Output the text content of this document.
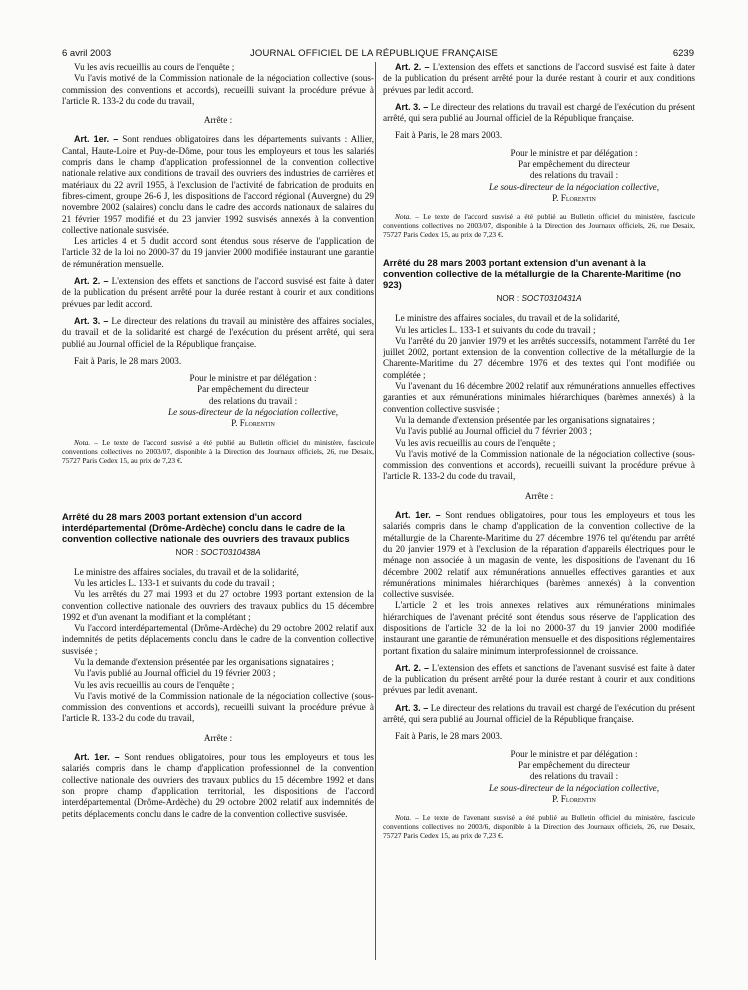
6 avril 2003	JOURNAL OFFICIEL DE LA RÉPUBLIQUE FRANÇAISE	6239

Vu les avis recueillis au cours de l'enquête ;

Vu l'avis motivé de la Commission nationale de la négociation collective (sous-commission des conventions et accords), recueilli suivant la procédure prévue à l'article R. 133-2 du code du travail,

Arrête :

Art. 1er. – Sont rendues obligatoires dans les départements suivants : Allier, Cantal, Haute-Loire et Puy-de-Dôme, pour tous les employeurs et tous les salariés compris dans le champ d'application professionnel de la convention collective nationale relative aux conditions de travail des ouvriers des industries de carrières et matériaux du 22 avril 1955, à l'exclusion de l'activité de fabrication de produits en fibres-ciment, groupe 26-6 J, les dispositions de l'accord régional (Auvergne) du 29 novembre 2002 (salaires) conclu dans le cadre des accords nationaux de salaires du 21 février 1957 modifié et du 23 janvier 1992 susvisés annexés à la convention collective nationale susvisée.

Les articles 4 et 5 dudit accord sont étendus sous réserve de l'application de l'article 32 de la loi no 2000-37 du 19 janvier 2000 modifiée instaurant une garantie de rémunération mensuelle.

Art. 2. – L'extension des effets et sanctions de l'accord susvisé est faite à dater de la publication du présent arrêté pour la durée restant à courir et aux conditions prévues par ledit accord.

Art. 3. – Le directeur des relations du travail au ministère des affaires sociales, du travail et de la solidarité est chargé de l'exécution du présent arrêté, qui sera publié au Journal officiel de la République française.

Fait à Paris, le 28 mars 2003.

Pour le ministre et par délégation :

Par empêchement du directeur

des relations du travail :

Le sous-directeur de la négociation collective,

P. Florentin

Nota. – Le texte de l'accord susvisé a été publié au Bulletin officiel du ministère, fascicule conventions collectives no 2003/07, disponible à la Direction des Journaux officiels, 26, rue Desaix, 75727 Paris Cedex 15, au prix de 7,23 €.

Arrêté du 28 mars 2003 portant extension d'un accord interdépartemental (Drôme-Ardèche) conclu dans le cadre de la convention collective nationale des ouvriers des travaux publics
NOR : SOCT0310438A

Le ministre des affaires sociales, du travail et de la solidarité,

Vu les articles L. 133-1 et suivants du code du travail ;

Vu les arrêtés du 27 mai 1993 et du 27 octobre 1993 portant extension de la convention collective nationale des ouvriers des travaux publics du 15 décembre 1992 et d'un avenant la modifiant et la complétant ;

Vu l'accord interdépartemental (Drôme-Ardèche) du 29 octobre 2002 relatif aux indemnités de petits déplacements conclu dans le cadre de la convention collective susvisée ;

Vu la demande d'extension présentée par les organisations signataires ;

Vu l'avis publié au Journal officiel du 19 février 2003 ;

Vu les avis recueillis au cours de l'enquête ;

Vu l'avis motivé de la Commission nationale de la négociation collective (sous-commission des conventions et accords), recueilli suivant la procédure prévue à l'article R. 133-2 du code du travail,

Arrête :

Art. 1er. – Sont rendues obligatoires, pour tous les employeurs et tous les salariés compris dans le champ d'application professionnel de la convention collective nationale des ouvriers des travaux publics du 15 décembre 1992 et dans son propre champ d'application territorial, les dispositions de l'accord interdépartemental (Drôme-Ardèche) du 29 octobre 2002 relatif aux indemnités de petits déplacements conclu dans le cadre de la convention collective susvisée.

Art. 2. – L'extension des effets et sanctions de l'accord susvisé est faite à dater de la publication du présent arrêté pour la durée restant à courir et aux conditions prévues par ledit accord.

Art. 3. – Le directeur des relations du travail est chargé de l'exécution du présent arrêté, qui sera publié au Journal officiel de la République française.

Fait à Paris, le 28 mars 2003.

Pour le ministre et par délégation :

Par empêchement du directeur

des relations du travail :

Le sous-directeur de la négociation collective,

P. Florentin

Nota. – Le texte de l'accord susvisé a été publié au Bulletin officiel du ministère, fascicule conventions collectives no 2003/07, disponible à la Direction des Journaux officiels, 26, rue Desaix, 75727 Paris Cedex 15, au prix de 7,23 €.

Arrêté du 28 mars 2003 portant extension d'un avenant à la convention collective de la métallurgie de la Charente-Maritime (no 923)
NOR : SOCT0310431A

Le ministre des affaires sociales, du travail et de la solidarité,

Vu les articles L. 133-1 et suivants du code du travail ;

Vu l'arrêté du 20 janvier 1979 et les arrêtés successifs, notamment l'arrêté du 1er juillet 2002, portant extension de la convention collective de la métallurgie de la Charente-Maritime du 27 décembre 1976 et des textes qui l'ont modifiée ou complétée ;

Vu l'avenant du 16 décembre 2002 relatif aux rémunérations annuelles effectives garanties et aux rémunérations minimales hiérarchiques (barèmes annexés) à la convention collective susvisée ;

Vu la demande d'extension présentée par les organisations signataires ;

Vu l'avis publié au Journal officiel du 7 février 2003 ;

Vu les avis recueillis au cours de l'enquête ;

Vu l'avis motivé de la Commission nationale de la négociation collective (sous-commission des conventions et accords), recueilli suivant la procédure prévue à l'article R. 133-2 du code du travail,

Arrête :

Art. 1er. – Sont rendues obligatoires, pour tous les employeurs et tous les salariés compris dans le champ d'application de la convention collective de la métallurgie de la Charente-Maritime du 27 décembre 1976 tel qu'étendu par arrêté du 20 janvier 1979 et à l'exclusion de la réparation d'appareils électriques pour le ménage non associée à un magasin de vente, les dispositions de l'avenant du 16 décembre 2002 relatif aux rémunérations annuelles effectives garanties et aux rémunérations minimales hiérarchiques (barèmes annexés) à la convention collective susvisée.

L'article 2 et les trois annexes relatives aux rémunérations minimales hiérarchiques de l'avenant précité sont étendus sous réserve de l'application des dispositions de l'article 32 de la loi no 2000-37 du 19 janvier 2000 modifiée instaurant une garantie de rémunération mensuelle et des dispositions réglementaires portant fixation du salaire minimum interprofessionnel de croissance.

Art. 2. – L'extension des effets et sanctions de l'avenant susvisé est faite à dater de la publication du présent arrêté pour la durée restant à courir et aux conditions prévues par ledit avenant.

Art. 3. – Le directeur des relations du travail est chargé de l'exécution du présent arrêté, qui sera publié au Journal officiel de la République française.

Fait à Paris, le 28 mars 2003.

Pour le ministre et par délégation :

Par empêchement du directeur

des relations du travail :

Le sous-directeur de la négociation collective,

P. Florentin

Nota. – Le texte de l'avenant susvisé a été publié au Bulletin officiel du ministère, fascicule conventions collectives no 2003/6, disponible à la Direction des Journaux officiels, 26, rue Desaix, 75727 Paris Cedex 15, au prix de 7,23 €.
